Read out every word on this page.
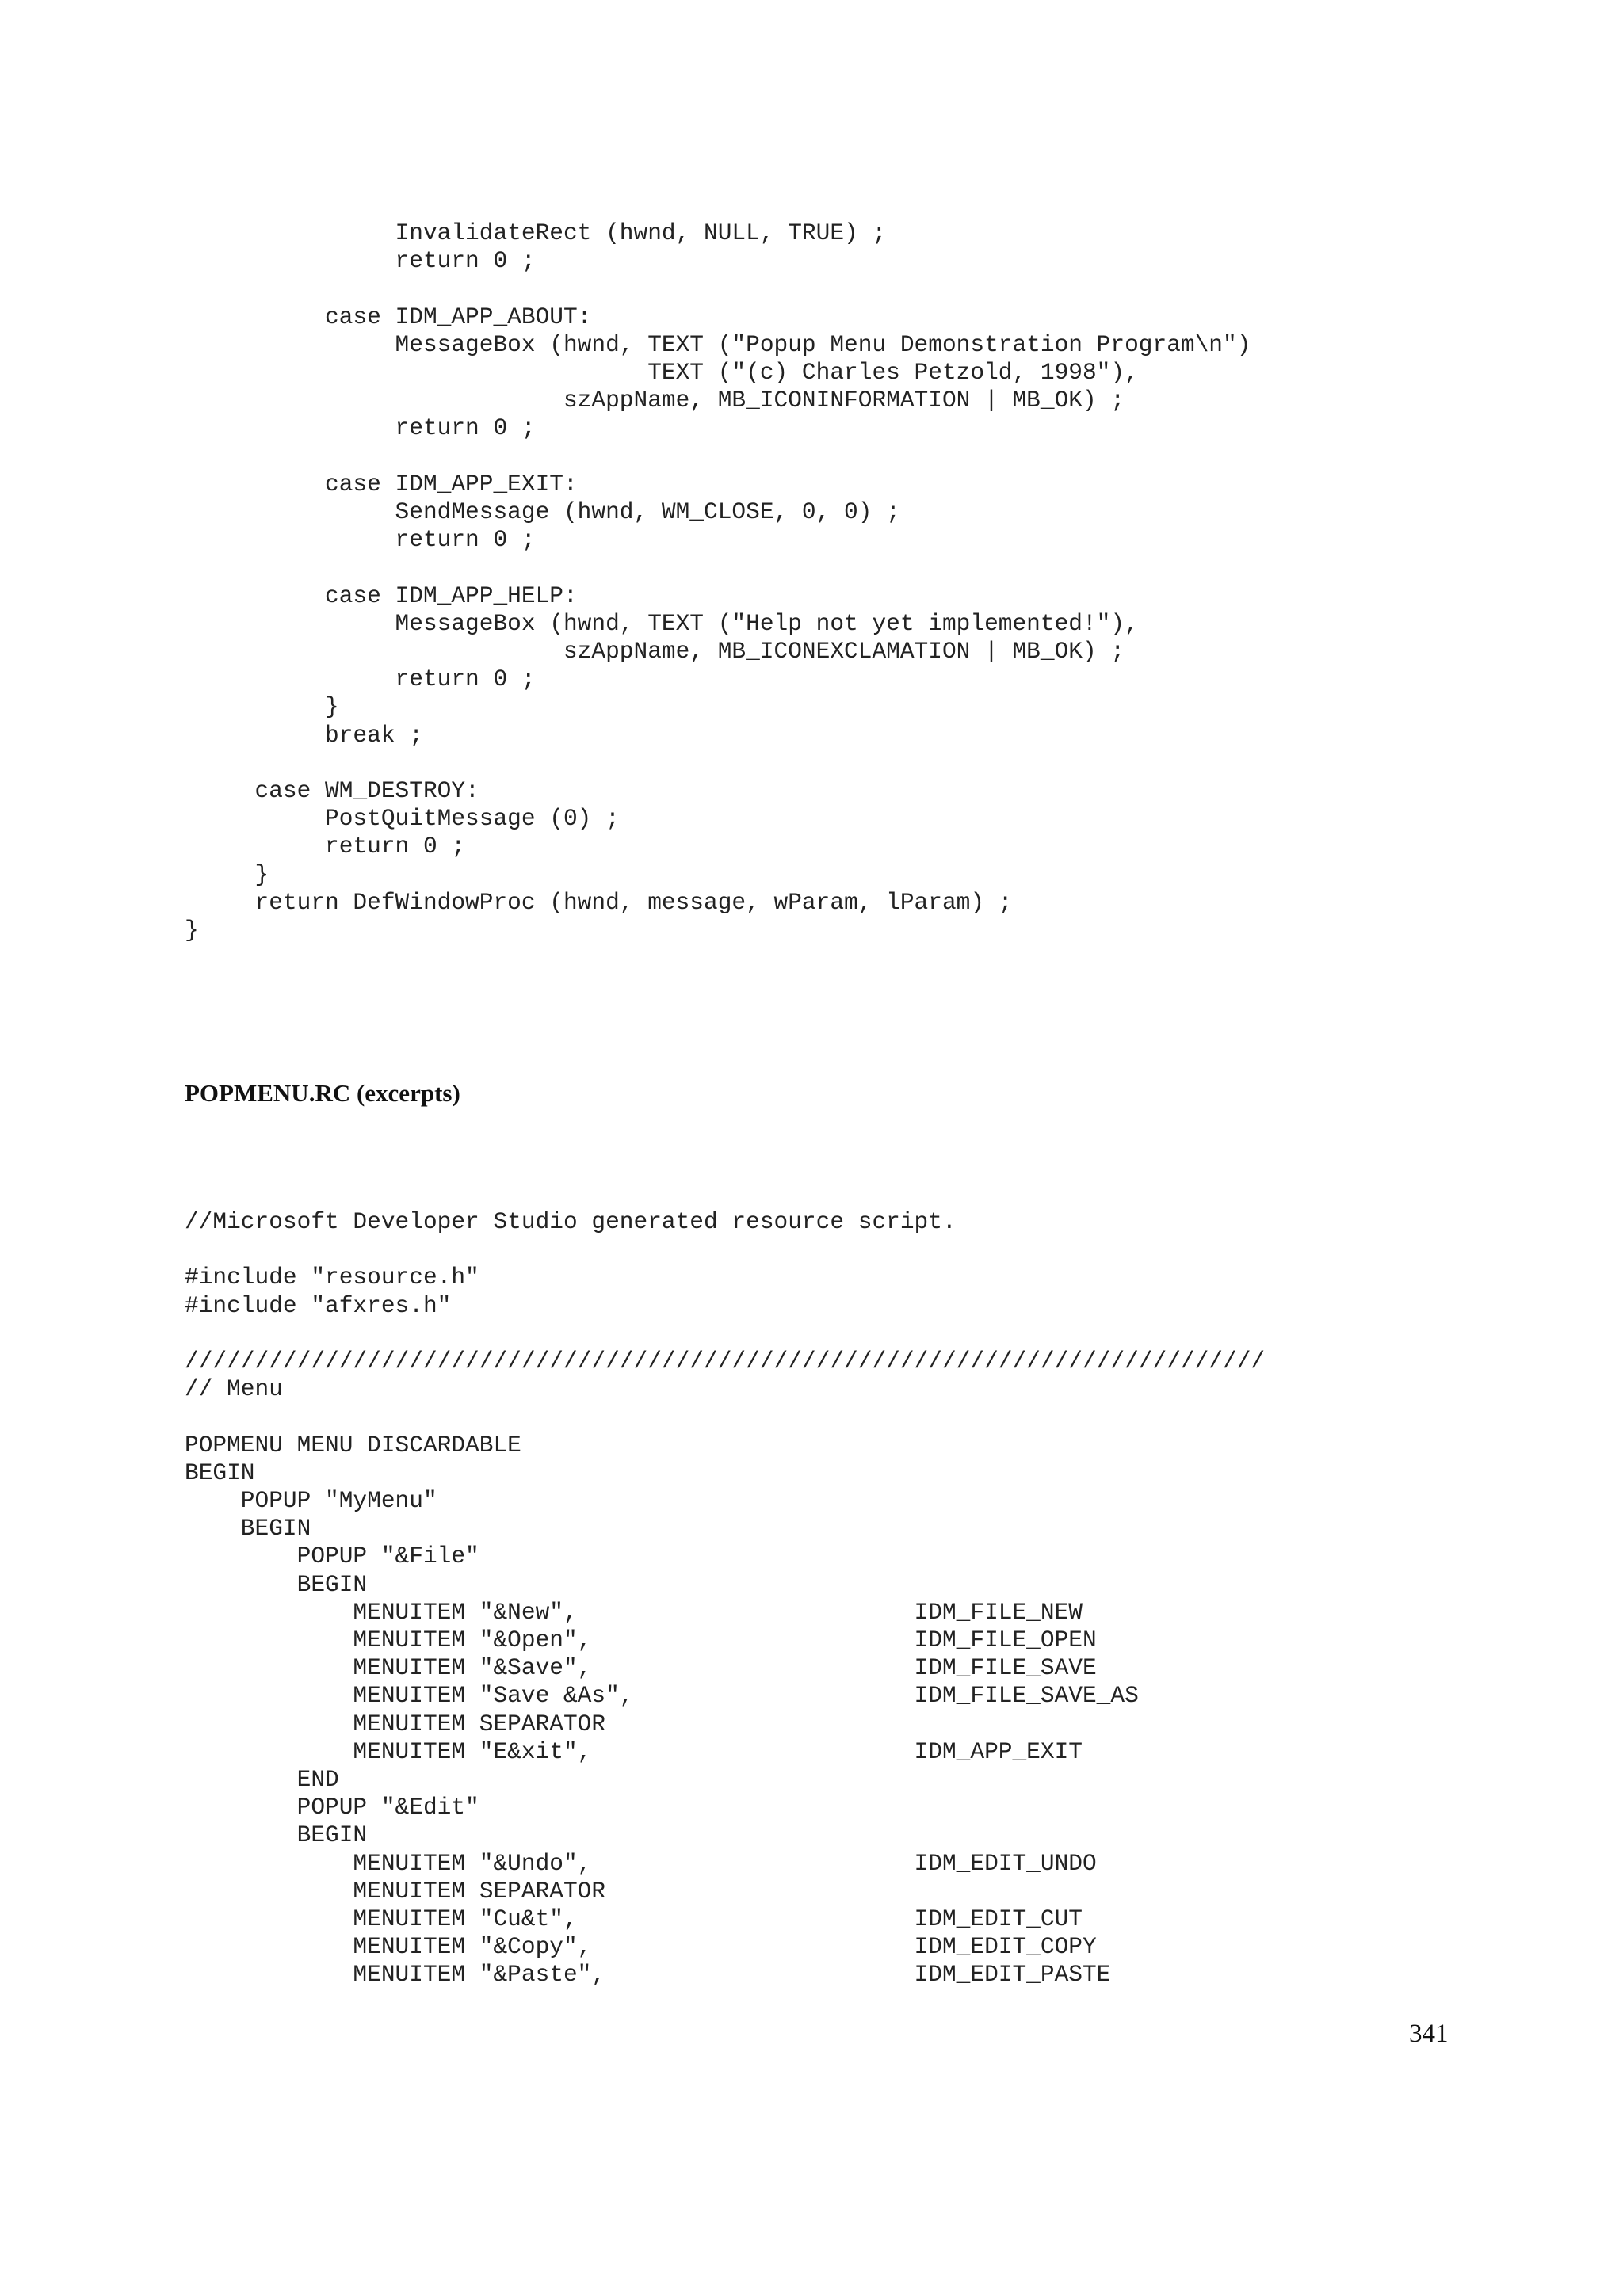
InvalidateRect (hwnd, NULL, TRUE) ;
return 0 ;

case IDM_APP_ABOUT:
MessageBox (hwnd, TEXT ("Popup Menu Demonstration Program\n")
TEXT ("(c) Charles Petzold, 1998"),
szAppName, MB_ICONINFORMATION | MB_OK) ;
return 0 ;

case IDM_APP_EXIT:
SendMessage (hwnd, WM_CLOSE, 0, 0) ;
return 0 ;

case IDM_APP_HELP:
MessageBox (hwnd, TEXT ("Help not yet implemented!"),
szAppName, MB_ICONEXCLAMATION | MB_OK) ;
return 0 ;
}
break ;

case WM_DESTROY:
PostQuitMessage (0) ;
return 0 ;
}
return DefWindowProc (hwnd, message, wParam, lParam) ;
}
POPMENU.RC (excerpts)
//Microsoft Developer Studio generated resource script.

#include "resource.h"
#include "afxres.h"

/////////////////////////////////////////////////////////////////////////////
// Menu

POPMENU MENU DISCARDABLE
BEGIN
POPUP "MyMenu"
BEGIN
POPUP "&File"
BEGIN
MENUITEM "&New",                        IDM_FILE_NEW
MENUITEM "&Open",                       IDM_FILE_OPEN
MENUITEM "&Save",                       IDM_FILE_SAVE
MENUITEM "Save &As",                    IDM_FILE_SAVE_AS
MENUITEM SEPARATOR
MENUITEM "E&xit",                       IDM_APP_EXIT
END
POPUP "&Edit"
BEGIN
MENUITEM "&Undo",                       IDM_EDIT_UNDO
MENUITEM SEPARATOR
MENUITEM "Cu&t",                        IDM_EDIT_CUT
MENUITEM "&Copy",                       IDM_EDIT_COPY
MENUITEM "&Paste",                      IDM_EDIT_PASTE
341
